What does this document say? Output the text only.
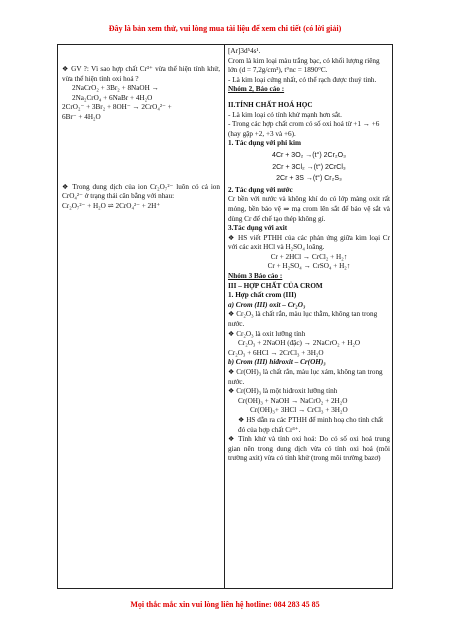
Đây là bản xem thử, vui lòng mua tài liệu để xem chi tiết (có lời giải)

❖ GV ?: Vì sao hợp chất Cr³⁺ vừa thể hiện tính khử, vừa thể hiện tính oxi hoá ?

2NaCrO₂ + 3Br₂ + 8NaOH →

2Na₂CrO₄ + 6NaBr + 4H₂O

2CrO₂⁻ + 3Br₂ + 8OH⁻ → 2CrO₄²⁻ +

6Br⁻ + 4H₂O

❖ Trong dung dịch của ion Cr₂O₇²⁻ luôn có cả ion CrO₄²⁻ ở trạng thái cân bằng với nhau:

Cr₂O₇²⁻ + H₂O ⇌ 2CrO₄²⁻ + 2H⁺

[Ar]3d⁵4s¹.

Crom là kim loại màu trắng bạc, có khối lượng riêng lớn (d = 7,2g/cm³), t°nc = 1890°C.

- Là kim loại cứng nhất, có thể rạch được thuỷ tinh.

Nhóm 2, Báo cáo :

II.TÍNH CHẤT HOÁ HỌC

- Là kim loại có tính khử mạnh hơn sắt.

- Trong các hợp chất crom có số oxi hoá từ +1 → +6 (hay gặp +2, +3 và +6).

1. Tác dụng với phi kim

4Cr + 3O₂ →(t°) 2Cr₂O₃

2Cr + 3Cl₂ →(t°) 2CrCl₃

2Cr + 3S →(t°) Cr₂S₃

2. Tác dụng với nước

Cr bền với nước và không khí do có lớp màng oxit rất mỏng, bền bảo vệ ⇒ mạ crom lên sắt để bảo vệ sắt và dùng Cr để chế tạo thép không gỉ.

3.Tác dụng với axit

❖ HS viết PTHH của các phản ứng giữa kim loại Cr với các axit HCl và H₂SO₄ loãng.

Cr + 2HCl → CrCl₂ + H₂↑

Cr + H₂SO₄ → CrSO₄ + H₂↑

Nhóm 3 Báo cáo :

III – HỢP CHẤT CỦA CROM

1. Hợp chất crom (III)

a) Crom (III) oxit – Cr₂O₃

❖ Cr₂O₃ là chất rắn, màu lục thẫm, không tan trong nước.

❖ Cr₂O₃ là oxit lưỡng tính

Cr₂O₃ + 2NaOH (đặc) → 2NaCrO₂ + H₂O

Cr₂O₃ + 6HCl → 2CrCl₃ + 3H₂O

b) Crom (III) hiđroxit – Cr(OH)₃

❖ Cr(OH)₃ là chất rắn, màu lục xám, không tan trong nước.

❖ Cr(OH)₃ là một hiđroxit lưỡng tính

Cr(OH)₃ + NaOH → NaCrO₂ + 2H₂O

Cr(OH)₃+ 3HCl → CrCl₃ + 3H₂O

❖ HS dẫn ra các PTHH để minh hoạ cho tính chất đó của hợp chất Cr³⁺.

❖ Tính khử và tính oxi hoá: Do có số oxi hoá trung gian nên trong dung dịch vừa có tính oxi hoá (môi trường axit) vừa có tính khử (trong môi trường bazơ)

Mọi thắc mắc xin vui lòng liên hệ hotline: 084 283 45 85
